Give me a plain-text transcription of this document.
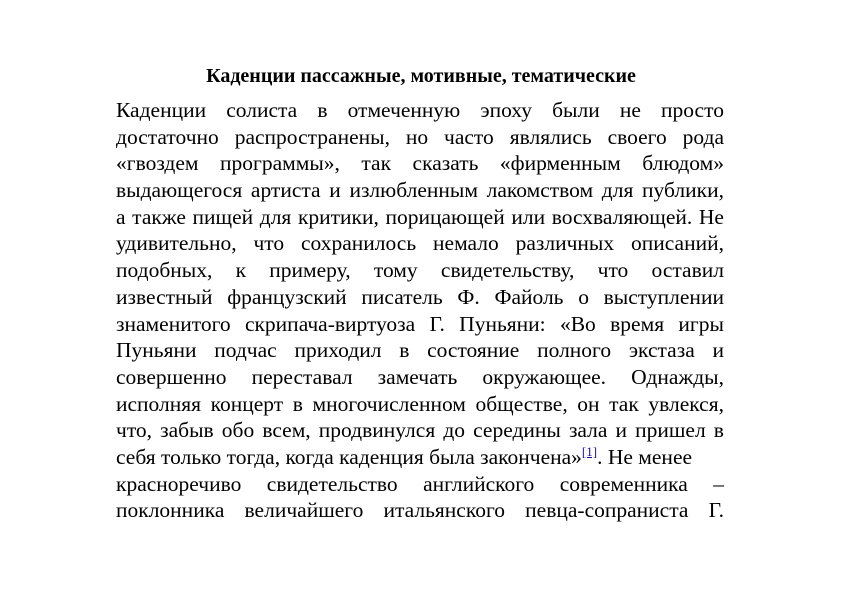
Каденции пассажные, мотивные, тематические
Каденции солиста в отмеченную эпоху были не просто
достаточно распространены, но часто являлись своего рода
«гвоздем программы», так сказать «фирменным блюдом»
выдающегося артиста и излюбленным лакомством для публики,
а также пищей для критики, порицающей или восхваляющей. Не
удивительно, что сохранилось немало различных описаний,
подобных, к примеру, тому свидетельству, что оставил
известный французский писатель Ф. Файоль о выступлении
знаменитого скрипача-виртуоза Г. Пуньяни: «Во время игры
Пуньяни подчас приходил в состояние полного экстаза и
совершенно переставал замечать окружающее. Однажды,
исполняя концерт в многочисленном обществе, он так увлекся,
что, забыв обо всем, продвинулся до середины зала и пришел в
себя только тогда, когда каденция была закончена»[1]. Не менее
красноречиво свидетельство английского современника –
поклонника величайшего итальянского певца-сопраниста Г.
